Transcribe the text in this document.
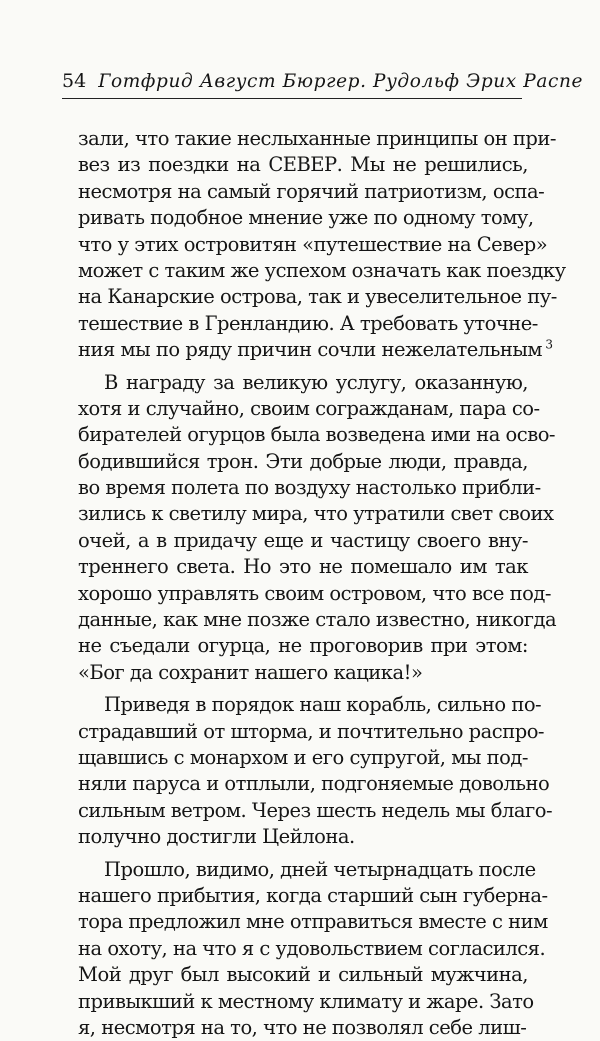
54 Готфрид Август Бюргер. Рудольф Эрих Распе
зали, что такие неслыханные принципы он при-
вез из поездки на СЕВЕР. Мы не решились,
несмотря на самый горячий патриотизм, оспа-
ривать подобное мнение уже по одному тому,
что у этих островитян «путешествие на Север»
может с таким же успехом означать как поездку
на Канарские острова, так и увеселительное пу-
тешествие в Гренландию. А требовать уточне-
ния мы по ряду причин сочли нежелательным $^3$
В награду за великую услугу, оказанную,
хотя и случайно, своим согражданам, пара со-
бирателей огурцов была возведена ими на осво-
бодившийся трон. Эти добрые люди, правда,
во время полета по воздуху настолько прибли-
зились к светилу мира, что утратили свет своих
очей, а в придачу еще и частицу своего вну-
треннего света. Но это не помешало им так
хорошо управлять своим островом, что все под-
данные, как мне позже стало известно, никогда
не съедали огурца, не проговорив при этом:
«Бог да сохранит нашего кацика!»
Приведя в порядок наш корабль, сильно по-
страдавший от шторма, и почтительно распро-
щавшись с монархом и его супругой, мы под-
няли паруса и отплыли, подгоняемые довольно
сильным ветром. Через шесть недель мы благо-
получно достигли Цейлона.
Прошло, видимо, дней четырнадцать после
нашего прибытия, когда старший сын губерна-
тора предложил мне отправиться вместе с ним
на охоту, на что я с удовольствием согласился.
Мой друг был высокий и сильный мужчина,
привыкший к местному климату и жаре. Зато
я, несмотря на то, что не позволял себе лиш-
